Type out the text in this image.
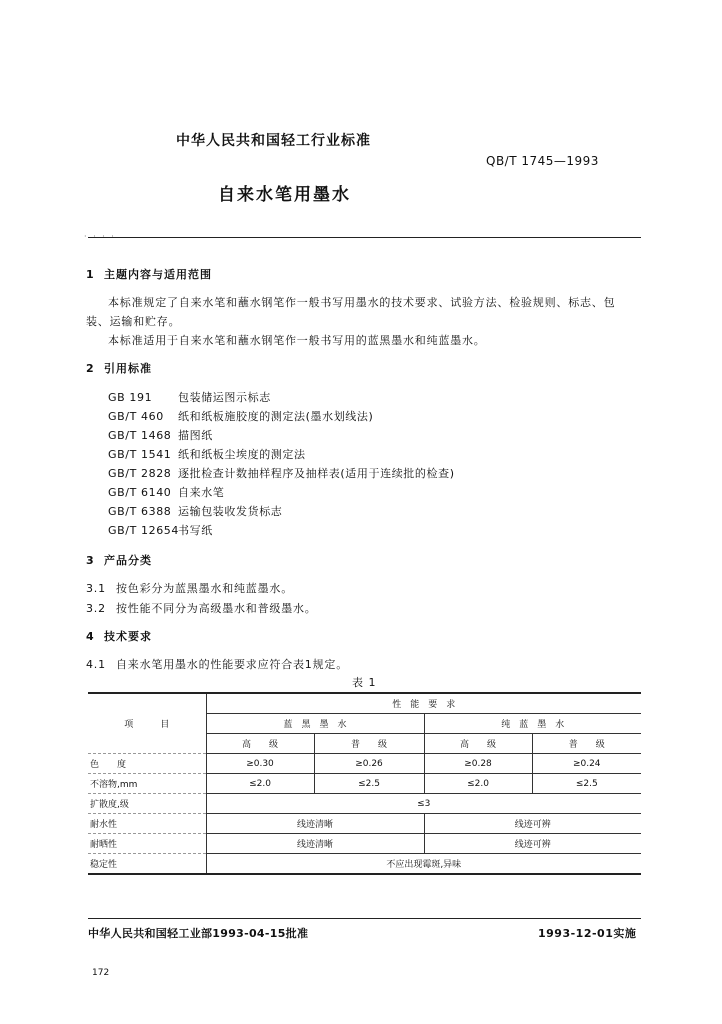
中华人民共和国轻工行业标准
QB/T 1745—1993
自来水笔用墨水
· · · ·
1 主题内容与适用范围
本标准规定了自来水笔和蘸水钢笔作一般书写用墨水的技术要求、试验方法、检验规则、标志、包
装、运输和贮存。
本标准适用于自来水笔和蘸水钢笔作一般书写用的蓝黑墨水和纯蓝墨水。
2 引用标准
GB 191 包装储运图示标志
GB/T 460 纸和纸板施胶度的测定法(墨水划线法)
GB/T 1468 描图纸
GB/T 1541 纸和纸板尘埃度的测定法
GB/T 2828 逐批检查计数抽样程序及抽样表(适用于连续批的检查)
GB/T 6140 自来水笔
GB/T 6388 运输包装收发货标志
GB/T 12654书写纸
3 产品分类
3.1 按色彩分为蓝黑墨水和纯蓝墨水。
3.2 按性能不同分为高级墨水和普级墨水。
4 技术要求
4.1 自来水笔用墨水的性能要求应符合表1规定。
表 1
项　　　目	性　能　要　求			
	蓝　黑　墨　水		纯　蓝　墨　水	
	高　　级	普　　级	高　　级	普　　级
色　　度	≥0.30	≥0.26	≥0.28	≥0.24
不溶物,mm	≤2.0	≤2.5	≤2.0	≤2.5
扩散度,级	≤3			
耐水性	线迹清晰		线迹可辨	
耐晒性	线迹清晰		线迹可辨	
稳定性	不应出现霉斑,异味			
中华人民共和国轻工业部1993-04-15批准	1993-12-01实施
172
